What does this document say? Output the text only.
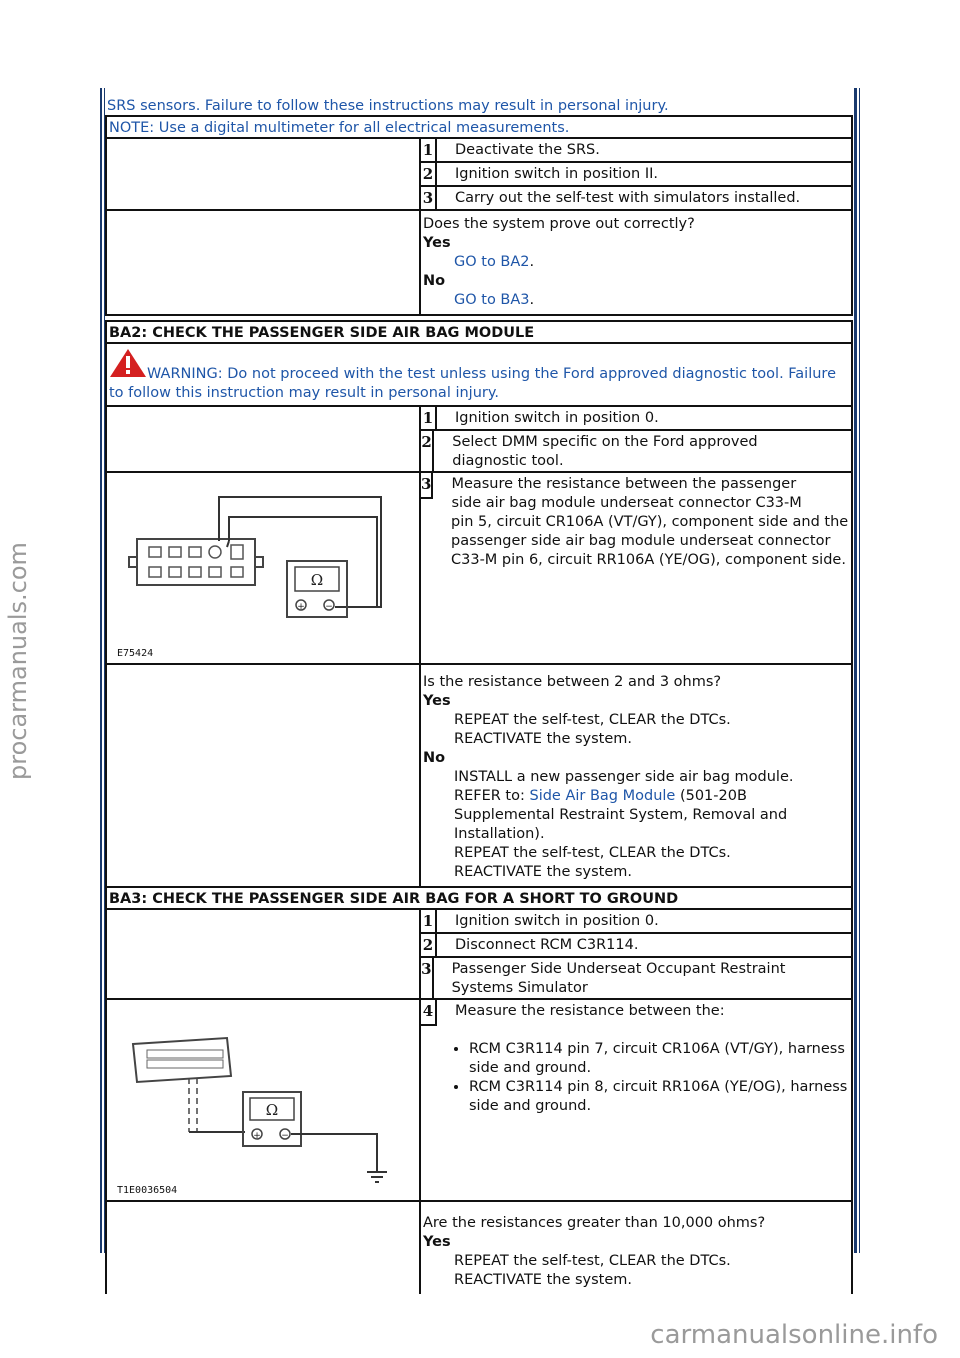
procarmanuals.com
carmanualsonline.info
SRS sensors. Failure to follow these instructions may result in personal injury.
NOTE: Use a digital multimeter for all electrical measurements.
1	Deactivate the SRS.
2	Ignition switch in position II.
3	Carry out the self-test with simulators installed.
Does the system prove out correctly?
Yes
GO to BA2.
No
GO to BA3.
BA2: CHECK THE PASSENGER SIDE AIR BAG MODULE
WARNING: Do not proceed with the test unless using the Ford approved diagnostic tool. Failure to follow this instruction may result in personal injury.
1	Ignition switch in position 0.
2	Select DMM specific on the Ford approved diagnostic tool.
Ω
+ −
E75424
3	Measure the resistance between the passenger side air bag module underseat connector C33-M
pin 5, circuit CR106A (VT/GY), component side and the passenger side air bag module underseat connector C33-M pin 6, circuit RR106A (YE/OG), component side.
Is the resistance between 2 and 3 ohms?
Yes
REPEAT the self-test, CLEAR the DTCs.
REACTIVATE the system.
No
INSTALL a new passenger side air bag module.
REFER to: Side Air Bag Module (501-20B Supplemental Restraint System, Removal and Installation).
REPEAT the self-test, CLEAR the DTCs.
REACTIVATE the system.
BA3: CHECK THE PASSENGER SIDE AIR BAG FOR A SHORT TO GROUND
1	Ignition switch in position 0.
2	Disconnect RCM C3R114.
3	Passenger Side Underseat Occupant Restraint Systems Simulator
Ω
+ −
T1E0036504
4	Measure the resistance between the:
• RCM C3R114 pin 7, circuit CR106A (VT/GY), harness side and ground.
• RCM C3R114 pin 8, circuit RR106A (YE/OG), harness side and ground.
Are the resistances greater than 10,000 ohms?
Yes
REPEAT the self-test, CLEAR the DTCs.
REACTIVATE the system.
